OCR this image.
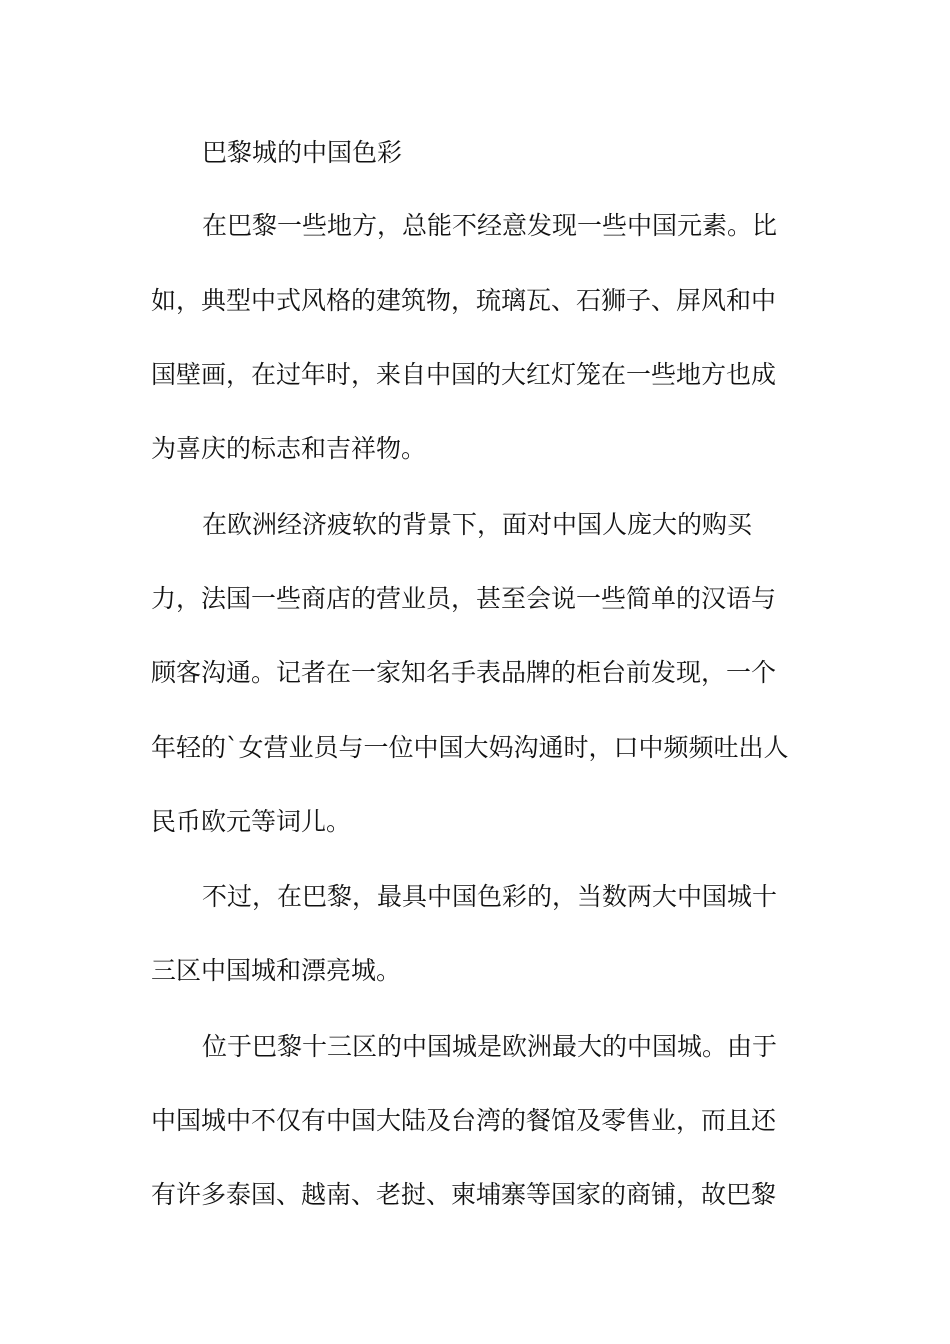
巴黎城的中国色彩
在巴黎一些地方，总能不经意发现一些中国元素。比
如，典型中式风格的建筑物，琉璃瓦、石狮子、屏风和中
国壁画，在过年时，来自中国的大红灯笼在一些地方也成
为喜庆的标志和吉祥物。
在欧洲经济疲软的背景下，面对中国人庞大的购买
力，法国一些商店的营业员，甚至会说一些简单的汉语与
顾客沟通。记者在一家知名手表品牌的柜台前发现，一个
年轻的`女营业员与一位中国大妈沟通时，口中频频吐出人
民币欧元等词儿。
不过，在巴黎，最具中国色彩的，当数两大中国城十
三区中国城和漂亮城。
位于巴黎十三区的中国城是欧洲最大的中国城。由于
中国城中不仅有中国大陆及台湾的餐馆及零售业，而且还
有许多泰国、越南、老挝、柬埔寨等国家的商铺，故巴黎
